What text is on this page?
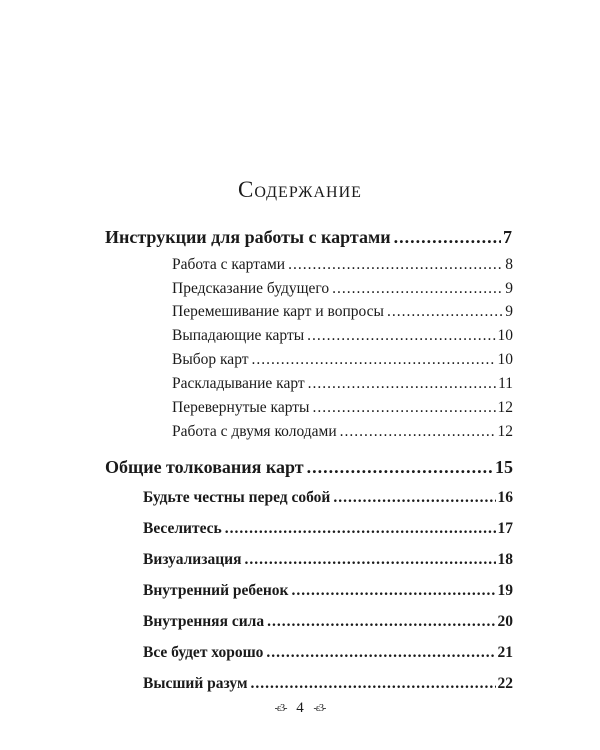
Содержание
Инструкции для работы с картами .....	7
Работа с картами .....	8
Предсказание будущего .....	9
Перемешивание карт и вопросы .....	9
Выпадающие карты .....	10
Выбор карт .....	10
Раскладывание карт .....	11
Перевернутые карты .....	12
Работа с двумя колодами .....	12
Общие толкования карт .....	15
Будьте честны перед собой .....	16
Веселитесь .....	17
Визуализация .....	18
Внутренний ребенок .....	19
Внутренняя сила .....	20
Все будет хорошо .....	21
Высший разум .....	22
-ε3- 4 -ε3-
